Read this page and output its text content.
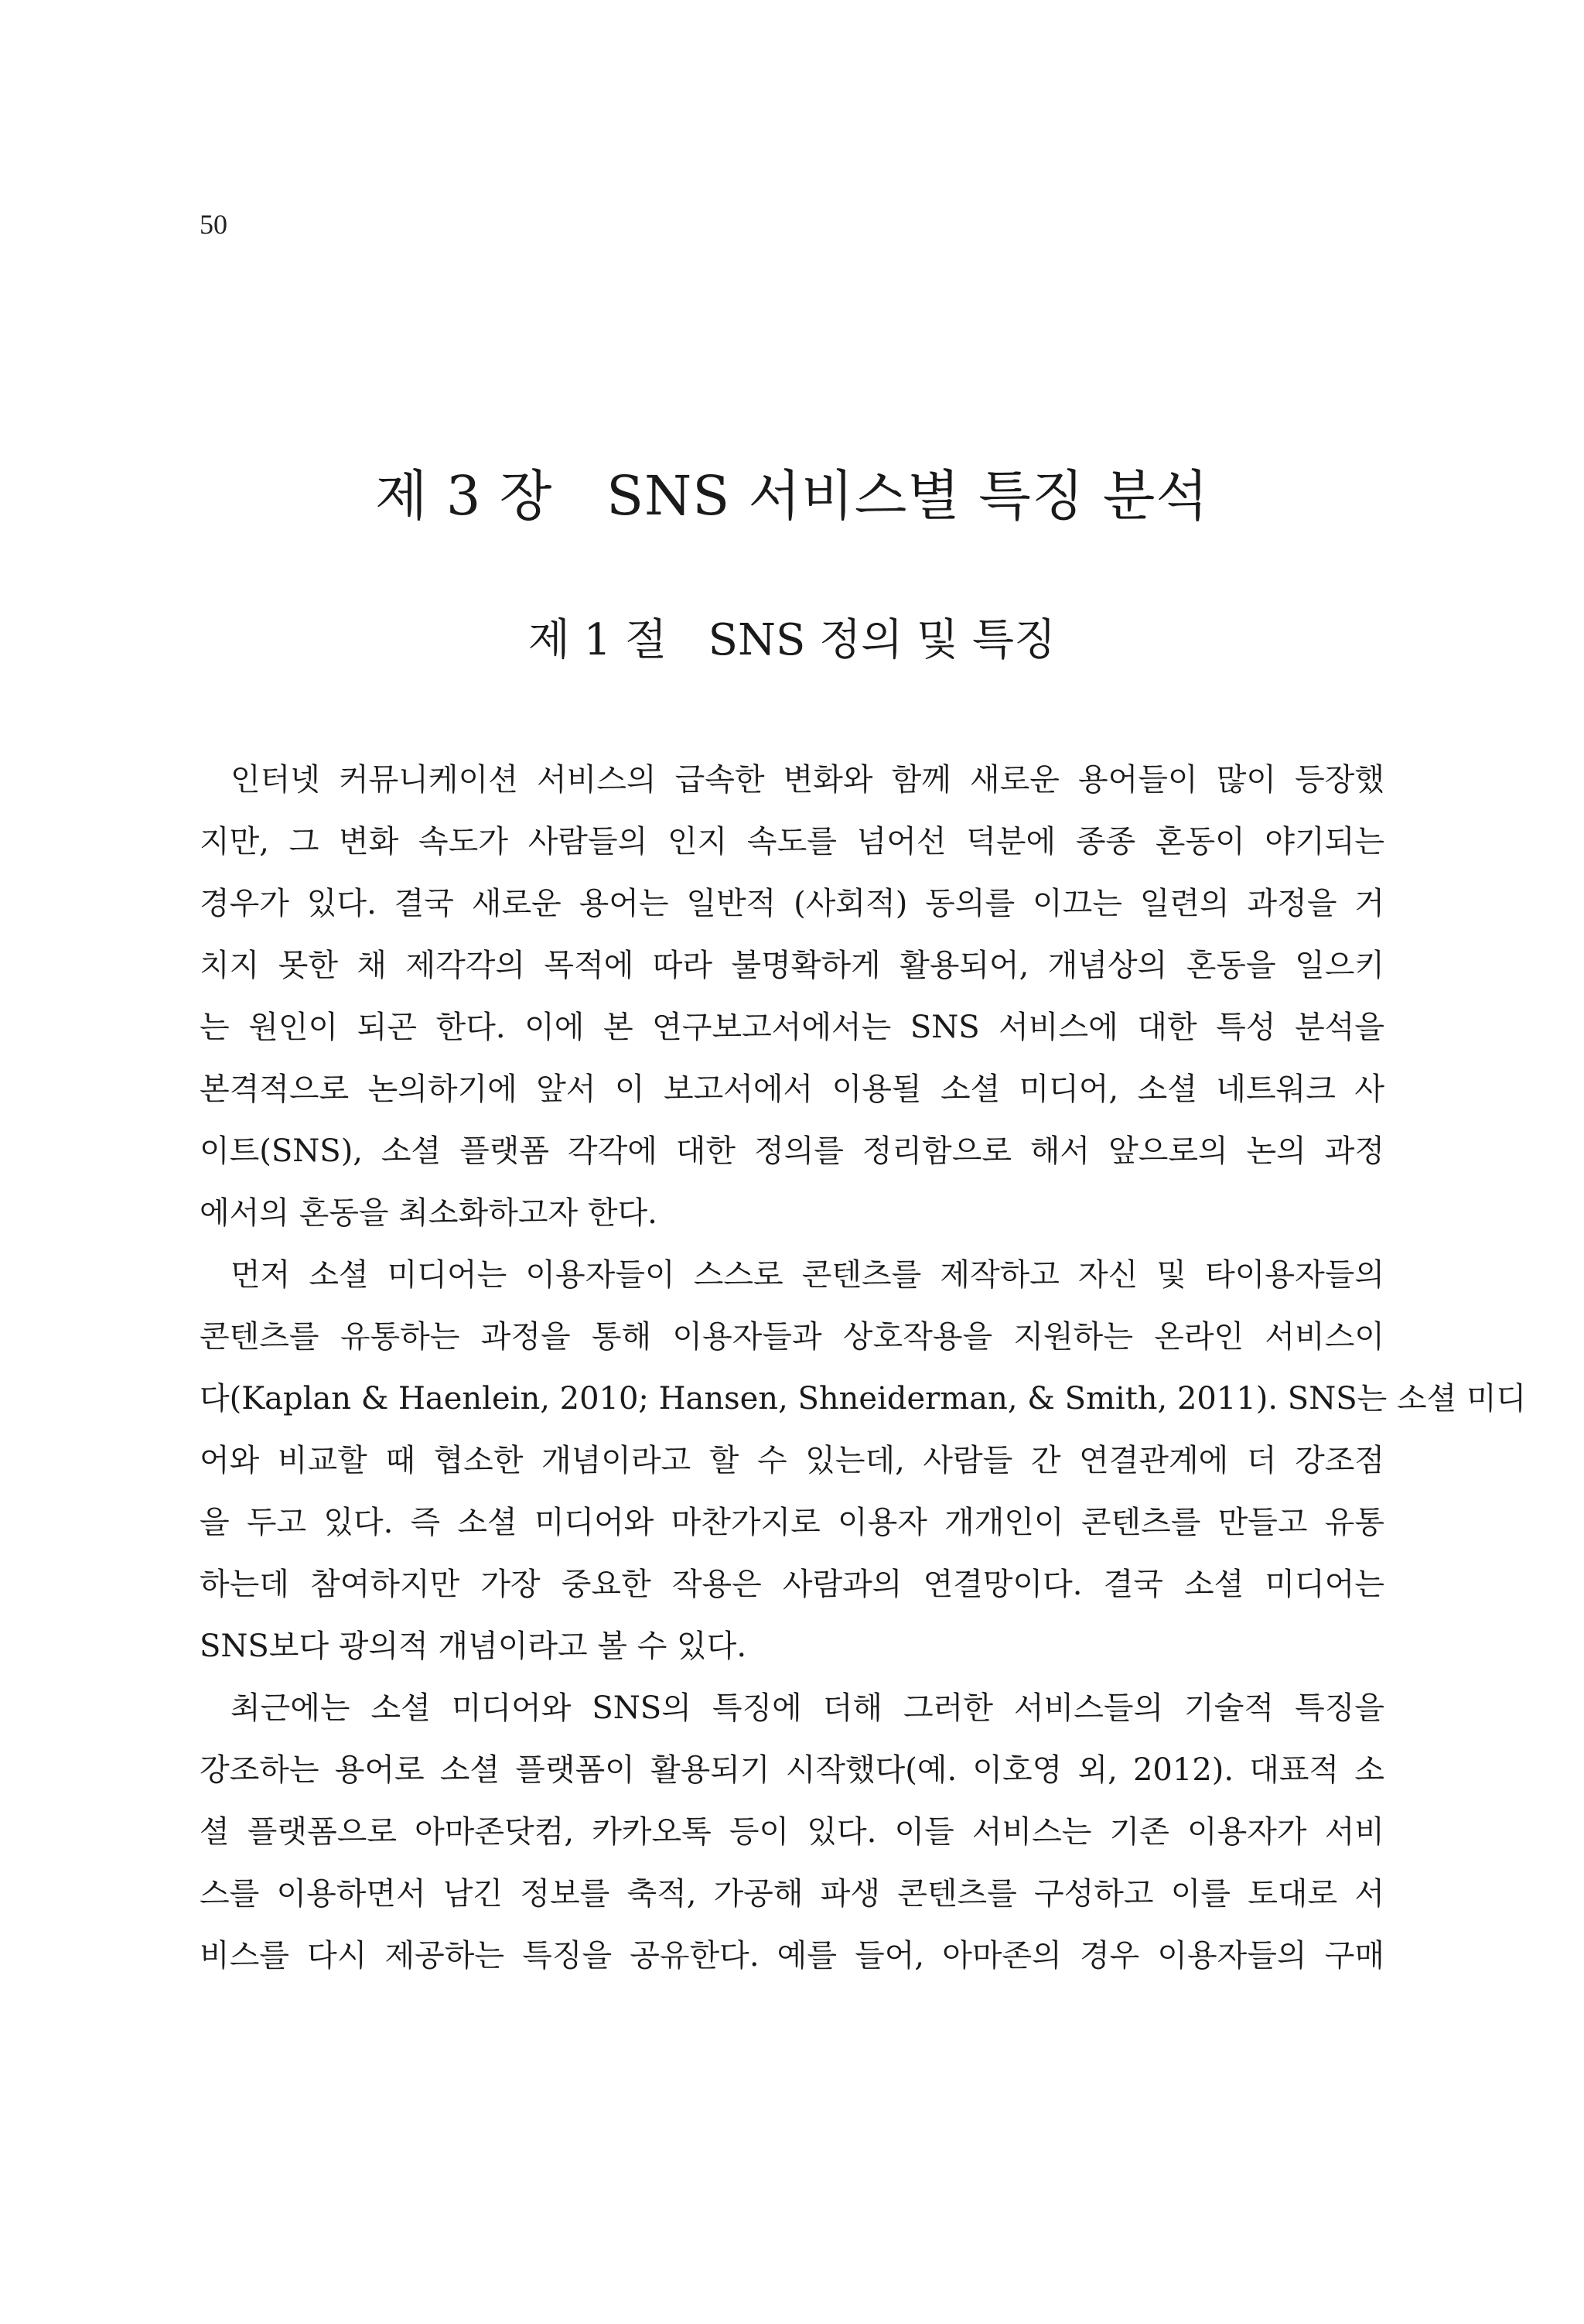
50
제 3 장   SNS 서비스별 특징 분석
제 1 절   SNS 정의 및 특징
인터넷 커뮤니케이션 서비스의 급속한 변화와 함께 새로운 용어들이 많이 등장했
지만, 그 변화 속도가 사람들의 인지 속도를 넘어선 덕분에 종종 혼동이 야기되는
경우가 있다. 결국 새로운 용어는 일반적 (사회적) 동의를 이끄는 일련의 과정을 거
치지 못한 채 제각각의 목적에 따라 불명확하게 활용되어, 개념상의 혼동을 일으키
는 원인이 되곤 한다. 이에 본 연구보고서에서는 SNS 서비스에 대한 특성 분석을
본격적으로 논의하기에 앞서 이 보고서에서 이용될 소셜 미디어, 소셜 네트워크 사
이트(SNS), 소셜 플랫폼 각각에 대한 정의를 정리함으로 해서 앞으로의 논의 과정
에서의 혼동을 최소화하고자 한다.
먼저 소셜 미디어는 이용자들이 스스로 콘텐츠를 제작하고 자신 및 타이용자들의
콘텐츠를 유통하는 과정을 통해 이용자들과 상호작용을 지원하는 온라인 서비스이
다(Kaplan & Haenlein, 2010; Hansen, Shneiderman, & Smith, 2011). SNS는 소셜 미디
어와 비교할 때 협소한 개념이라고 할 수 있는데, 사람들 간 연결관계에 더 강조점
을 두고 있다. 즉 소셜 미디어와 마찬가지로 이용자 개개인이 콘텐츠를 만들고 유통
하는데 참여하지만 가장 중요한 작용은 사람과의 연결망이다. 결국 소셜 미디어는
SNS보다 광의적 개념이라고 볼 수 있다.
최근에는 소셜 미디어와 SNS의 특징에 더해 그러한 서비스들의 기술적 특징을
강조하는 용어로 소셜 플랫폼이 활용되기 시작했다(예. 이호영 외, 2012). 대표적 소
셜 플랫폼으로 아마존닷컴, 카카오톡 등이 있다. 이들 서비스는 기존 이용자가 서비
스를 이용하면서 남긴 정보를 축적, 가공해 파생 콘텐츠를 구성하고 이를 토대로 서
비스를 다시 제공하는 특징을 공유한다. 예를 들어, 아마존의 경우 이용자들의 구매
